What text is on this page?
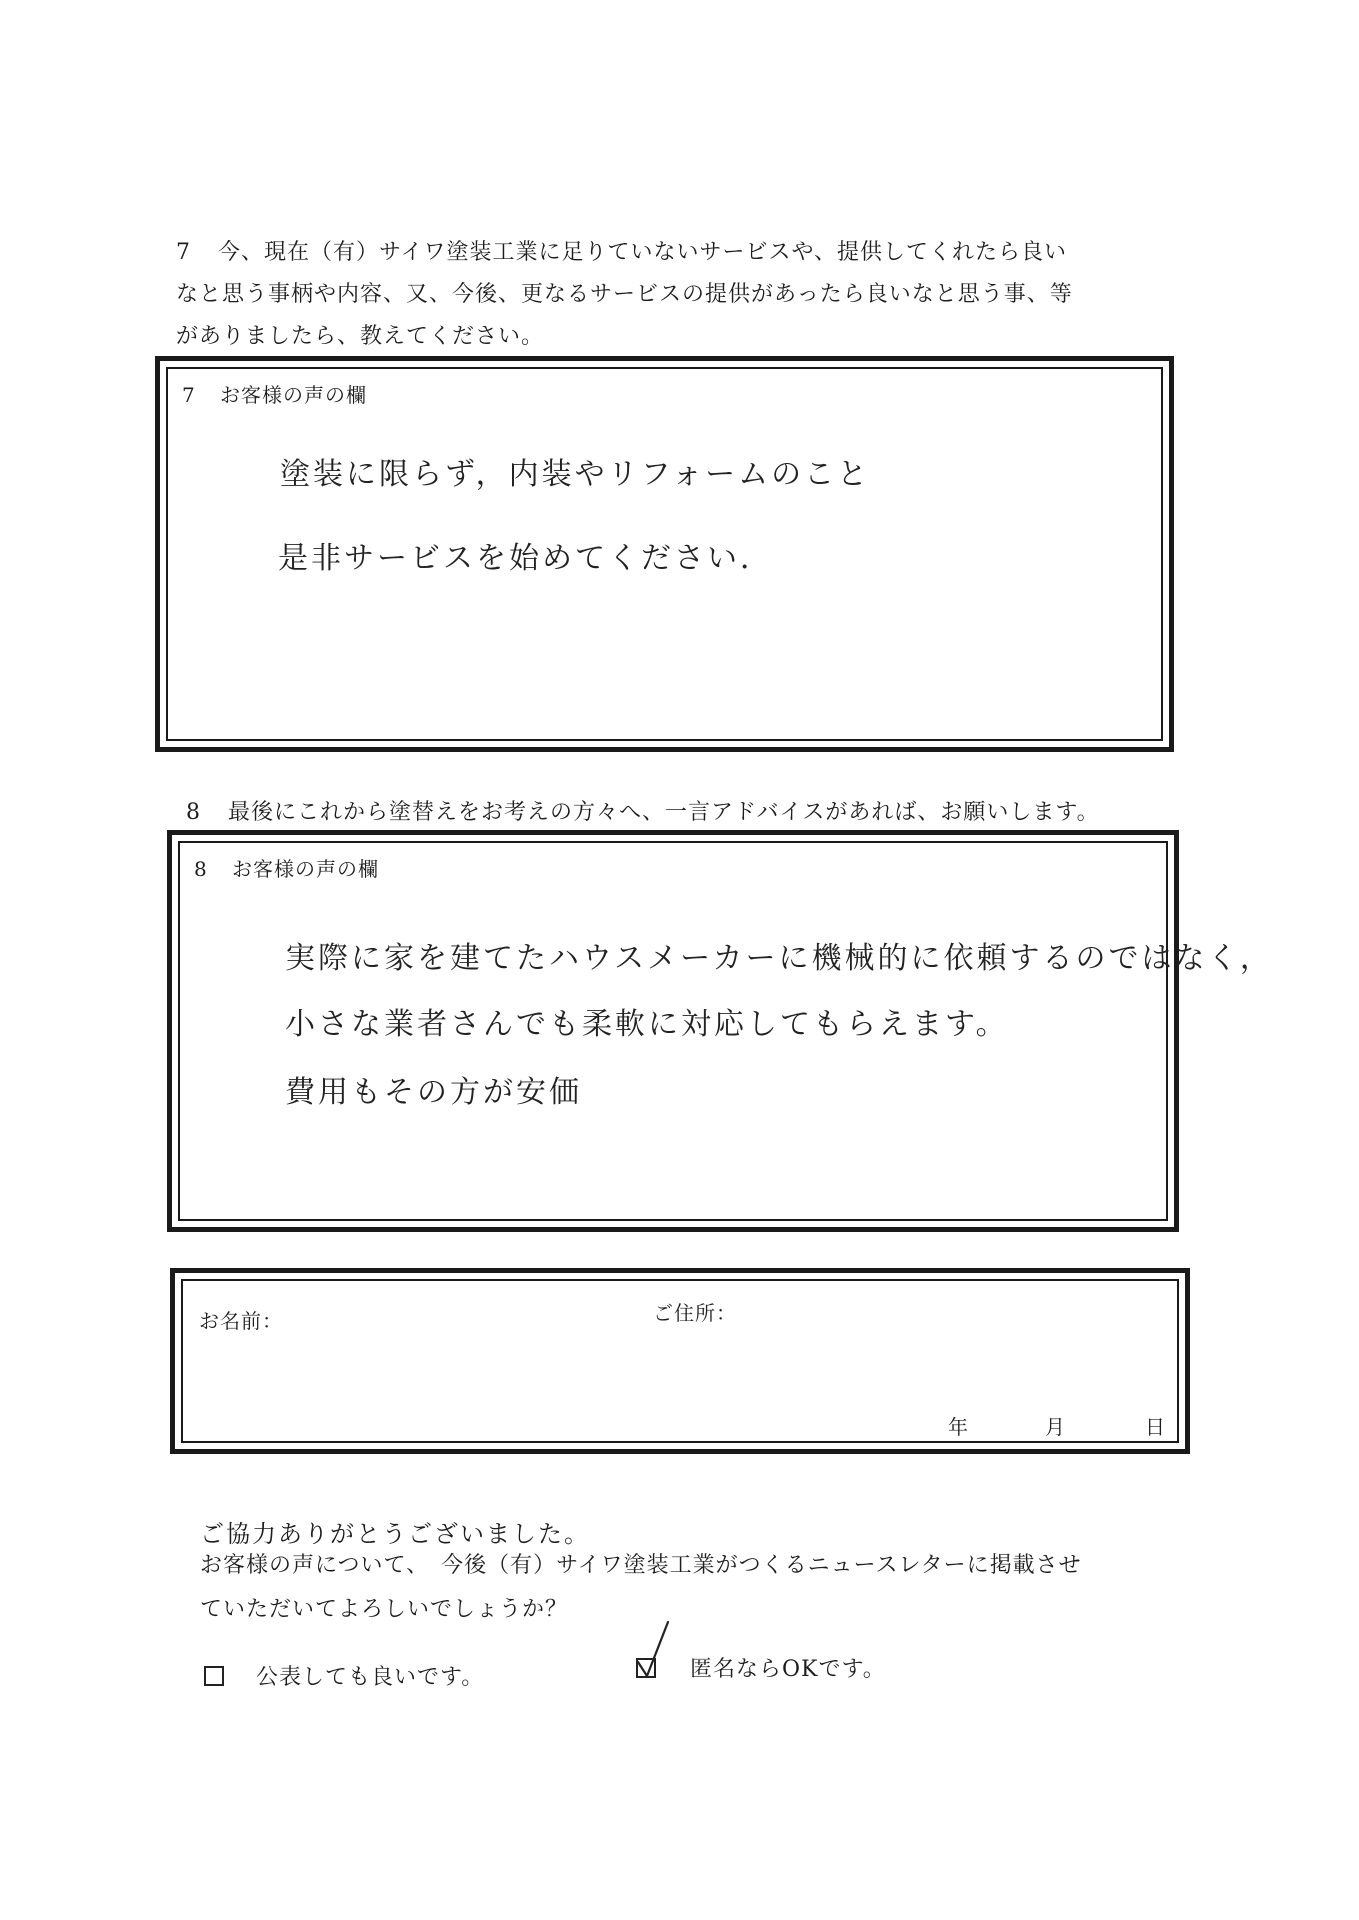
7 今、現在（有）サイワ塗装工業に足りていないサービスや、提供してくれたら良い
なと思う事柄や内容、又、今後、更なるサービスの提供があったら良いなと思う事、等
がありましたら、教えてください。
7 お客様の声の欄
塗装に限らず，内装やリフォームのこと
是非サービスを始めてください．
8 最後にこれから塗替えをお考えの方々へ、一言アドバイスがあれば、お願いします。
8 お客様の声の欄
実際に家を建てたハウスメーカーに機械的に依頼するのではなく，
小さな業者さんでも柔軟に対応してもらえます。
費用もその方が安価
お名前：	ご住所：
年	月	日
ご協力ありがとうございました。
お客様の声について、　今後（有）サイワ塗装工業がつくるニュースレターに掲載させ
ていただいてよろしいでしょうか？
公表しても良いです。	匿名ならOKです。
